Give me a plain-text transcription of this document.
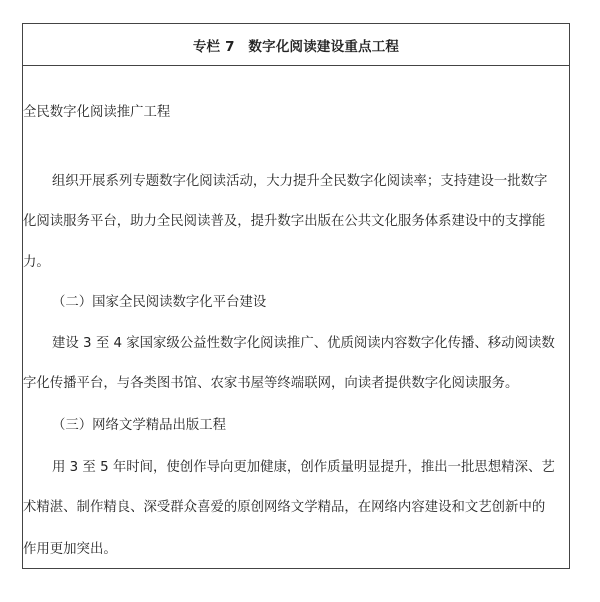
专栏 7　数字化阅读建设重点工程
全民数字化阅读推广工程
组织开展系列专题数字化阅读活动，大力提升全民数字化阅读率；支持建设一批数字
化阅读服务平台，助力全民阅读普及，提升数字出版在公共文化服务体系建设中的支撑能
力。
（二）国家全民阅读数字化平台建设
建设 3 至 4 家国家级公益性数字化阅读推广、优质阅读内容数字化传播、移动阅读数
字化传播平台，与各类图书馆、农家书屋等终端联网，向读者提供数字化阅读服务。
（三）网络文学精品出版工程
用 3 至 5 年时间，使创作导向更加健康，创作质量明显提升，推出一批思想精深、艺
术精湛、制作精良、深受群众喜爱的原创网络文学精品，在网络内容建设和文艺创新中的
作用更加突出。
